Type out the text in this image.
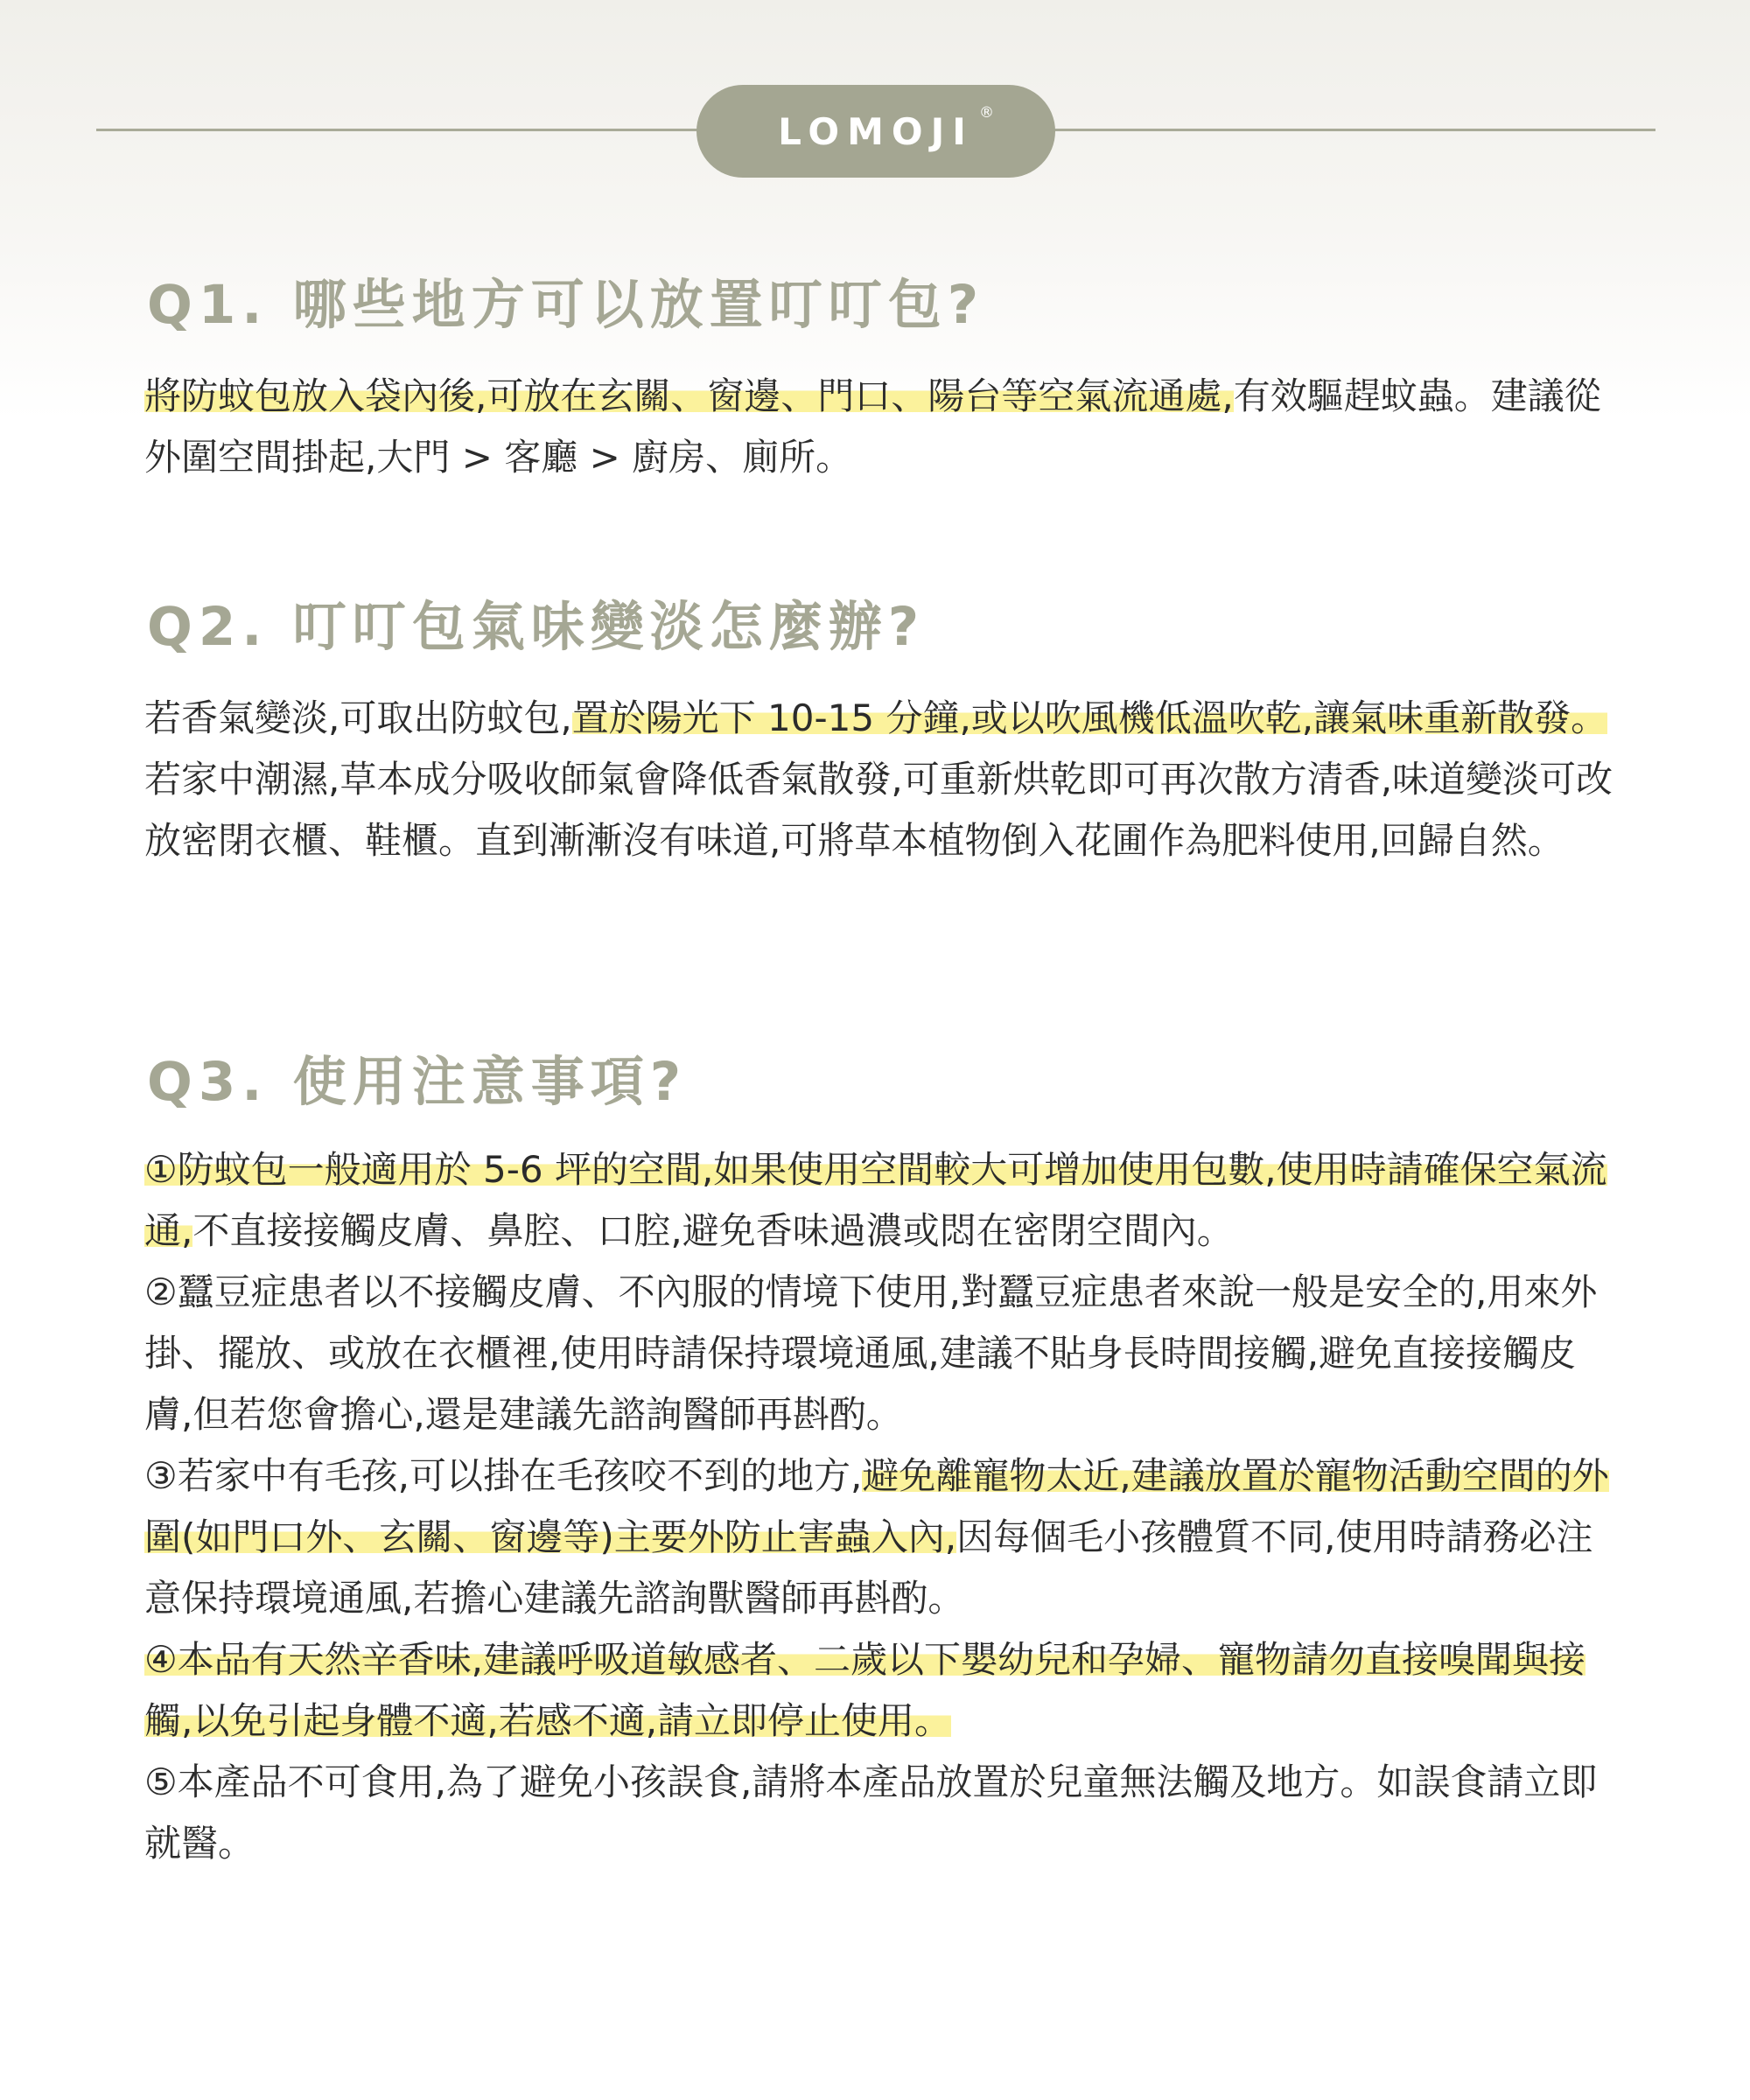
LOMOJI ®
Q1. 哪些地方可以放置叮叮包?

將防蚊包放入袋內後,可放在玄關、窗邊、門口、陽台等空氣流通處,有效驅趕蚊蟲。建議從外圍空間掛起,大門 > 客廳 > 廚房、廁所。

Q2. 叮叮包氣味變淡怎麼辦?

若香氣變淡,可取出防蚊包,置於陽光下 10-15 分鐘,或以吹風機低溫吹乾,讓氣味重新散發。若家中潮濕,草本成分吸收師氣會降低香氣散發,可重新烘乾即可再次散方清香,味道變淡可改放密閉衣櫃、鞋櫃。直到漸漸沒有味道,可將草本植物倒入花圃作為肥料使用,回歸自然。

Q3. 使用注意事項?

①防蚊包一般適用於 5-6 坪的空間,如果使用空間較大可增加使用包數,使用時請確保空氣流通,不直接接觸皮膚、鼻腔、口腔,避免香味過濃或悶在密閉空間內。

②蠶豆症患者以不接觸皮膚、不內服的情境下使用,對蠶豆症患者來說一般是安全的,用來外掛、擺放、或放在衣櫃裡,使用時請保持環境通風,建議不貼身長時間接觸,避免直接接觸皮膚,但若您會擔心,還是建議先諮詢醫師再斟酌。

③若家中有毛孩,可以掛在毛孩咬不到的地方,避免離寵物太近,建議放置於寵物活動空間的外圍(如門口外、玄關、窗邊等)主要外防止害蟲入內,因每個毛小孩體質不同,使用時請務必注意保持環境通風,若擔心建議先諮詢獸醫師再斟酌。

④本品有天然辛香味,建議呼吸道敏感者、二歲以下嬰幼兒和孕婦、寵物請勿直接嗅聞與接觸,以免引起身體不適,若感不適,請立即停止使用。

⑤本產品不可食用,為了避免小孩誤食,請將本產品放置於兒童無法觸及地方。如誤食請立即就醫。
